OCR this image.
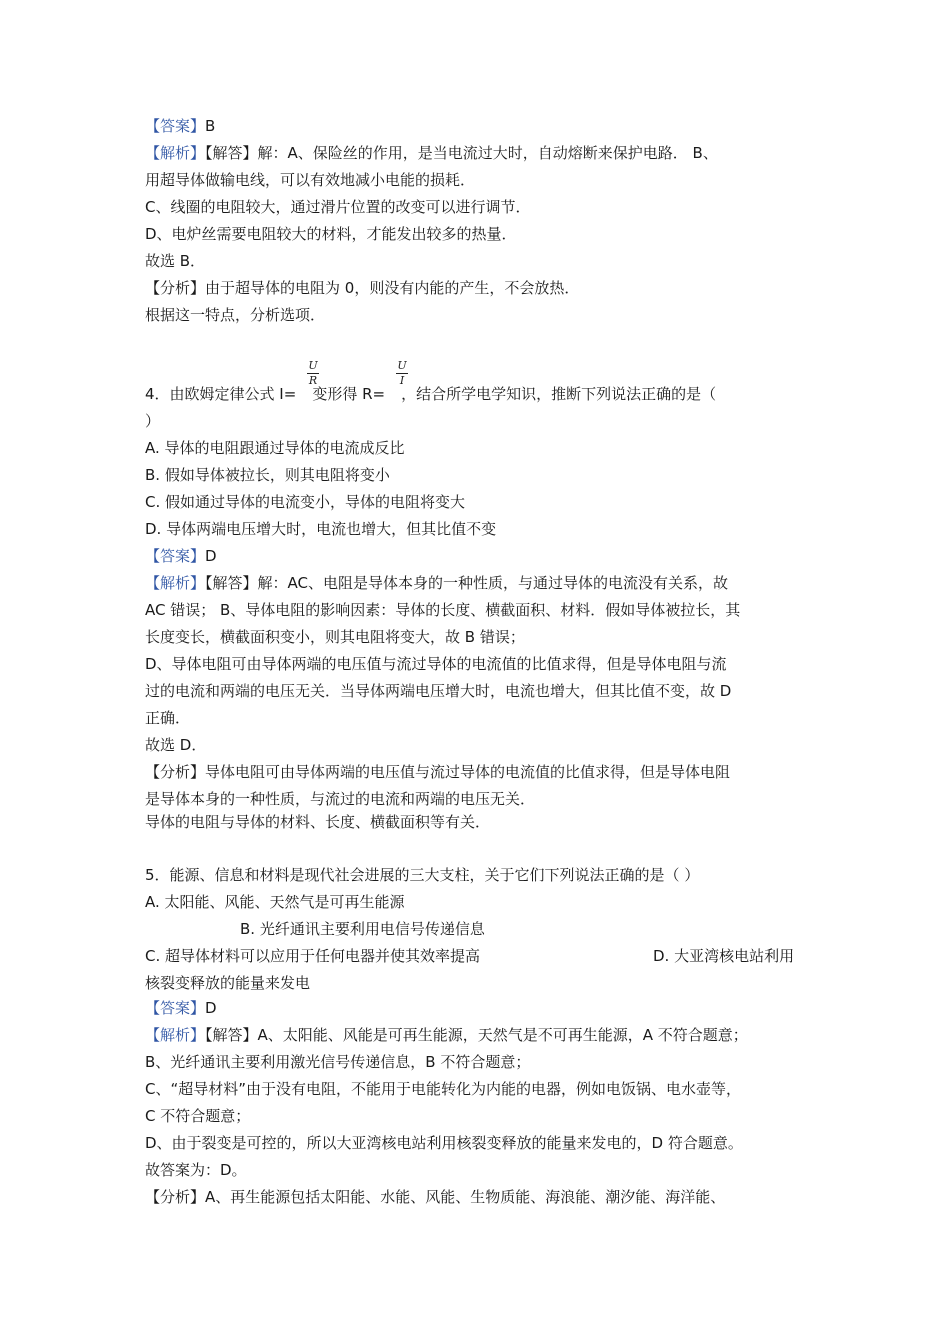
【答案】B
【解析】【解答】解：A、保险丝的作用，是当电流过大时，自动熔断来保护电路． B、
用超导体做输电线，可以有效地减小电能的损耗．
C、线圈的电阻较大，通过滑片位置的改变可以进行调节．
D、电炉丝需要电阻较大的材料，才能发出较多的热量．
故选 B．
【分析】由于超导体的电阻为 0，则没有内能的产生，不会放热．
根据这一特点，分析选项．
4．由欧姆定律公式 I= 变形得 R= ，结合所学电学知识，推断下列说法正确的是（
U
R
U
I
）
A. 导体的电阻跟通过导体的电流成反比
B. 假如导体被拉长，则其电阻将变小
C. 假如通过导体的电流变小，导体的电阻将变大
D. 导体两端电压增大时，电流也增大，但其比值不变
【答案】D
【解析】【解答】解：AC、电阻是导体本身的一种性质，与通过导体的电流没有关系，故
AC 错误； B、导体电阻的影响因素：导体的长度、横截面积、材料．假如导体被拉长，其
长度变长，横截面积变小，则其电阻将变大，故 B 错误；
D、导体电阻可由导体两端的电压值与流过导体的电流值的比值求得，但是导体电阻与流
过的电流和两端的电压无关．当导体两端电压增大时，电流也增大，但其比值不变，故 D
正确．
故选 D．
【分析】导体电阻可由导体两端的电压值与流过导体的电流值的比值求得，但是导体电阻
是导体本身的一种性质，与流过的电流和两端的电压无关．
导体的电阻与导体的材料、长度、横截面积等有关．
5．能源、信息和材料是现代社会进展的三大支柱，关于它们下列说法正确的是（ ）
A. 太阳能、风能、天然气是可再生能源
B. 光纤通讯主要利用电信号传递信息
C. 超导体材料可以应用于任何电器并使其效率提高	D. 大亚湾核电站利用
核裂变释放的能量来发电
【答案】D
【解析】【解答】A、太阳能、风能是可再生能源，天然气是不可再生能源，A 不符合题意；
B、光纤通讯主要利用激光信号传递信息，B 不符合题意；
C、“超导材料”由于没有电阻，不能用于电能转化为内能的电器，例如电饭锅、电水壶等，
C 不符合题意；
D、由于裂变是可控的，所以大亚湾核电站利用核裂变释放的能量来发电的，D 符合题意。
故答案为：D。
【分析】A、再生能源包括太阳能、水能、风能、生物质能、海浪能、潮汐能、海洋能、
